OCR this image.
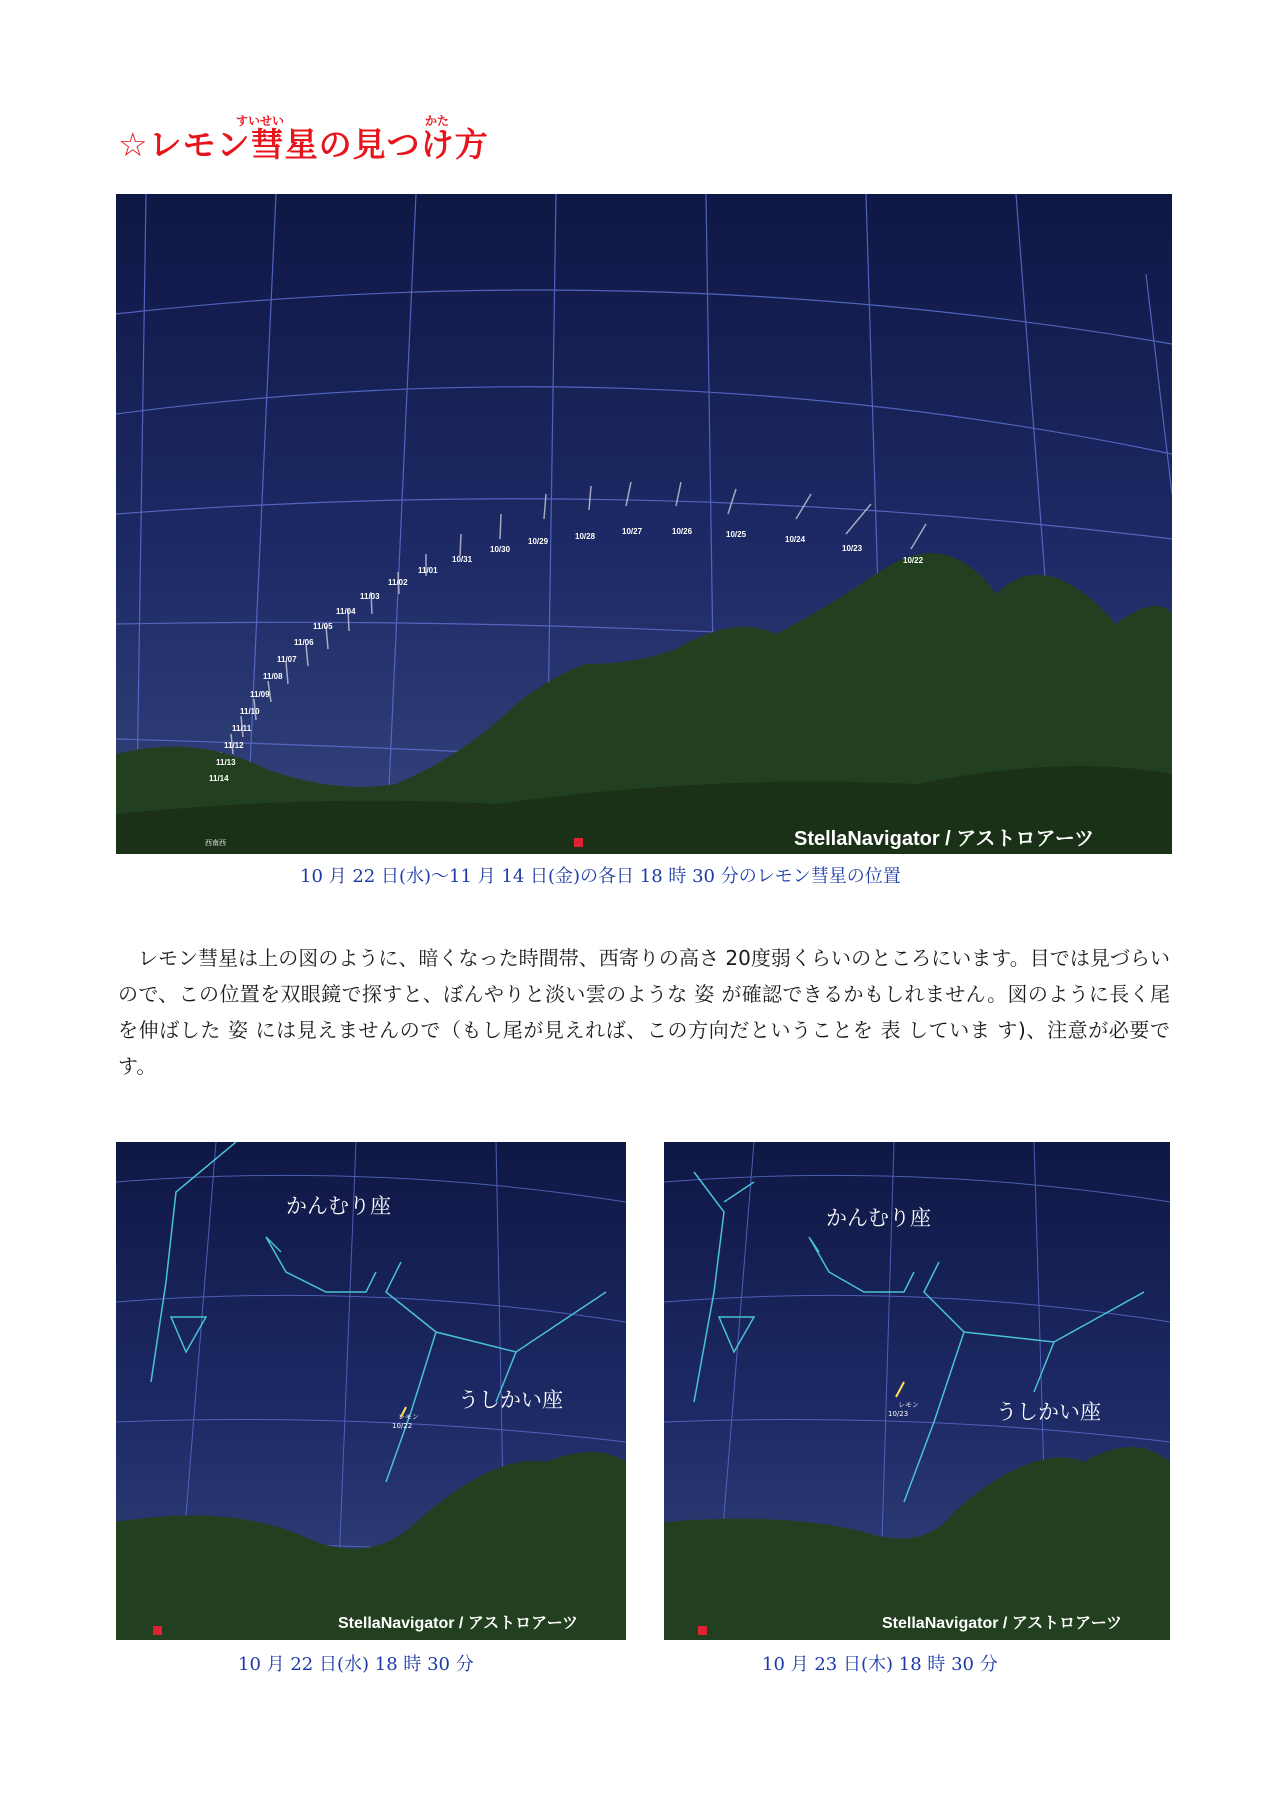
すいせい	かた
☆レモン彗星の見つけ方
10/22
10/23
10/24
10/25
10/26
10/27
10/28
10/29
10/30
10/31
11/01
11/02
11/03
11/04
11/05
11/06
11/07
11/08
11/09
11/10
11/11
11/12
11/13
11/14
西南西	StellaNavigator / アストロアーツ
10 月 22 日(水)〜11 月 14 日(金)の各日 18 時 30 分のレモン彗星の位置
レモン彗星は上の図のように、暗くなった時間帯、西寄りの高さ 20度弱くらいのところにいます。目では見づらいので、この位置を双眼鏡で探すと、ぼんやりと淡い雲のような 姿 が確認できるかもしれません。図のように長く尾を伸ばした 姿 には見えませんので（もし尾が見えれば、この方向だということを 表 していま す)、注意が必要です。
かんむり座
うしかい座
レモン
10/22
StellaNavigator / アストロアーツ
10 月 22 日(水) 18 時 30 分
かんむり座
うしかい座
レモン
10/23
StellaNavigator / アストロアーツ
10 月 23 日(木) 18 時 30 分
